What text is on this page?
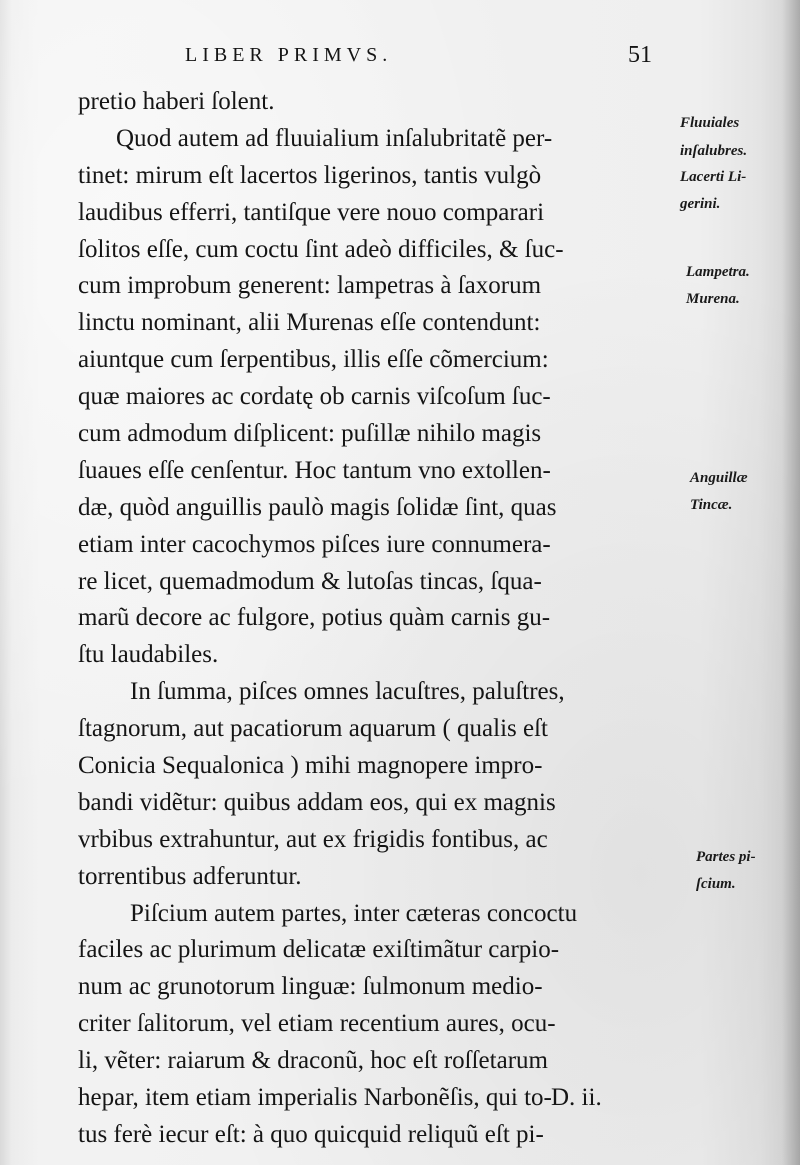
LIBER PRIMVS.	51
pretio haberi ſolent.
Quod autem ad fluuialium inſalubritatẽ per-
tinet: mirum eſt lacertos ligerinos, tantis vulgò
laudibus efferri, tantiſque vere nouo comparari
ſolitos eſſe, cum coctu ſint adeò difficiles, & ſuc-
cum improbum generent: lampetras à ſaxorum
linctu nominant, alii Murenas eſſe contendunt:
aiuntque cum ſerpentibus, illis eſſe cõmercium:
quæ maiores ac cordatę ob carnis viſcoſum ſuc-
cum admodum diſplicent: puſillæ nihilo magis
ſuaues eſſe cenſentur. Hoc tantum vno extollen-
dæ, quòd anguillis paulò magis ſolidæ ſint, quas
etiam inter cacochymos piſces iure connumera-
re licet, quemadmodum & lutoſas tincas, ſqua-
marũ decore ac fulgore, potius quàm carnis gu-
ſtu laudabiles.
In ſumma, piſces omnes lacuſtres, paluſtres,
ſtagnorum, aut pacatiorum aquarum ( qualis eſt
Conicia Sequalonica ) mihi magnopere impro-
bandi vidẽtur: quibus addam eos, qui ex magnis
vrbibus extrahuntur, aut ex frigidis fontibus, ac
torrentibus adferuntur.
Piſcium autem partes, inter cæteras concoctu
faciles ac plurimum delicatæ exiſtimãtur carpio-
num ac grunotorum linguæ: ſulmonum medio-
criter ſalitorum, vel etiam recentium aures, ocu-
li, vẽter: raiarum & draconũ, hoc eſt roſſetarum
hepar, item etiam imperialis Narbonẽſis, qui to-
tus ferè iecur eſt: à quo quicquid reliquũ eſt pi-
D. ii.
Fluuiales
inſalubres.
Lacerti Li-
gerini.
Lampetra.
Murena.
Anguillæ
Tincæ.
Partes pi-
ſcium.
